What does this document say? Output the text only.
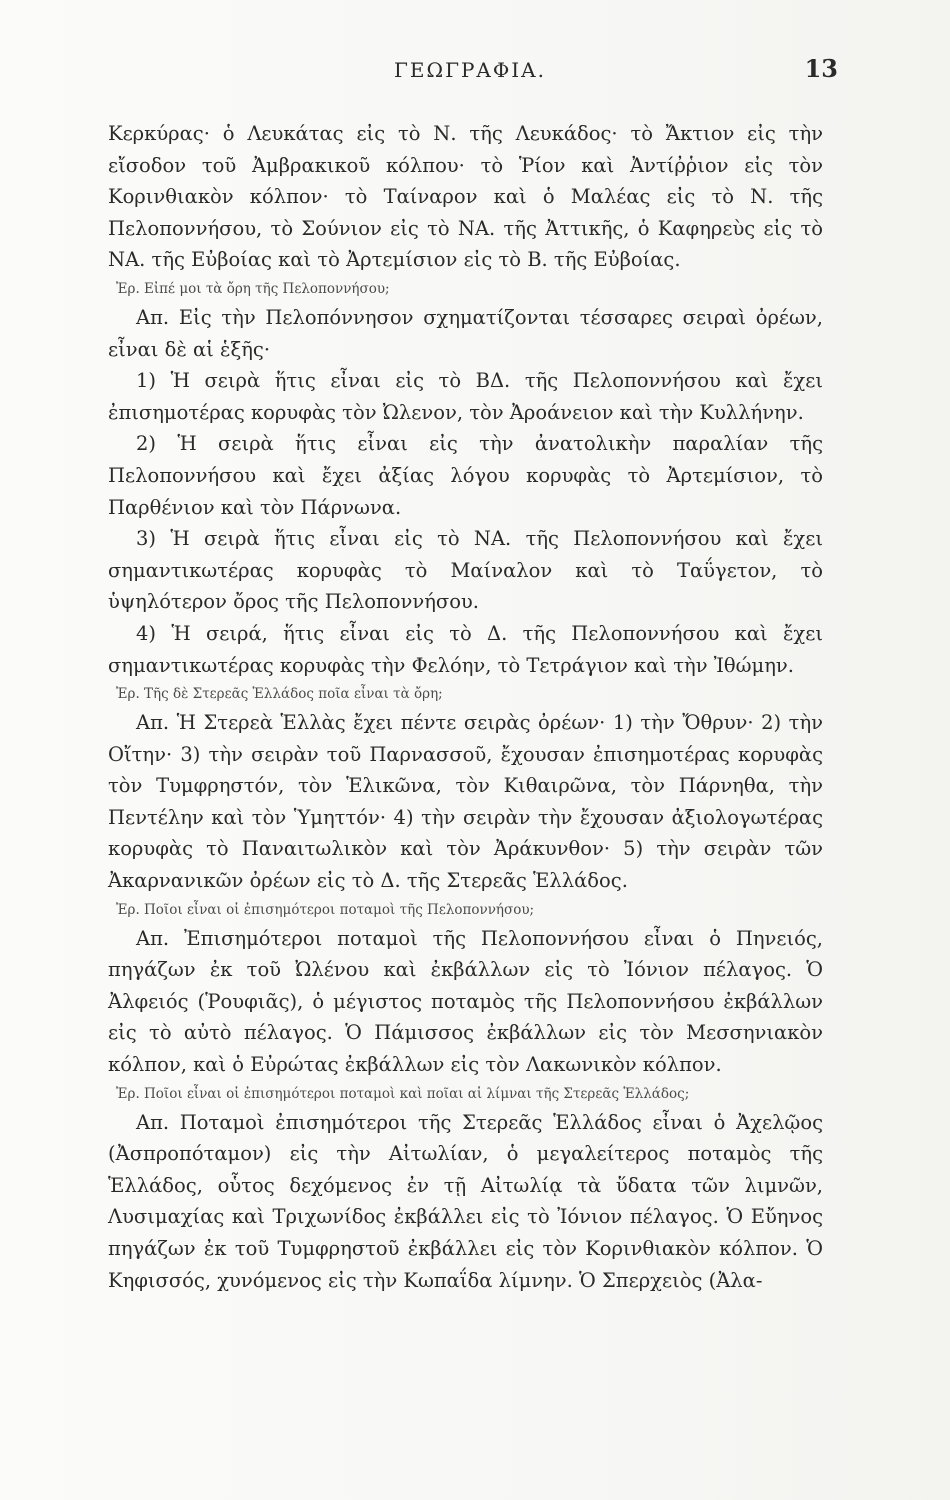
ΓΕΩΓΡΑΦΙΑ.	13

Κερκύρας· ὁ Λευκάτας εἰς τὸ Ν. τῆς Λευκάδος· τὸ Ἄκτιον εἰς τὴν εἴσοδον τοῦ Ἀμβρακικοῦ κόλπου· τὸ Ῥίον καὶ Ἀντίῤῥιον εἰς τὸν Κορινθιακὸν κόλπον· τὸ Ταίναρον καὶ ὁ Μαλέας εἰς τὸ Ν. τῆς Πελοποννήσου, τὸ Σούνιον εἰς τὸ ΝΑ. τῆς Ἀττικῆς, ὁ Καφηρεὺς εἰς τὸ ΝΑ. τῆς Εὐβοίας καὶ τὸ Ἀρτεμίσιον εἰς τὸ Β. τῆς Εὐβοίας.

Ἐρ. Εἰπέ μοι τὰ ὄρη τῆς Πελοποννήσου;

Απ. Εἰς τὴν Πελοπόννησον σχηματίζονται τέσσαρες σειραὶ ὀρέων, εἶναι δὲ αἱ ἑξῆς·

1) Ἡ σειρὰ ἥτις εἶναι εἰς τὸ ΒΔ. τῆς Πελοποννήσου καὶ ἔχει ἐπισημοτέρας κορυφὰς τὸν Ὠλενον, τὸν Ἀροάνειον καὶ τὴν Κυλλήνην.

2) Ἡ σειρὰ ἥτις εἶναι εἰς τὴν ἀνατολικὴν παραλίαν τῆς Πελοποννήσου καὶ ἔχει ἀξίας λόγου κορυφὰς τὸ Ἀρτεμίσιον, τὸ Παρθένιον καὶ τὸν Πάρνωνα.

3) Ἡ σειρὰ ἥτις εἶναι εἰς τὸ ΝΑ. τῆς Πελοποννήσου καὶ ἔχει σημαντικωτέρας κορυφὰς τὸ Μαίναλον καὶ τὸ Ταΰγετον, τὸ ὑψηλότερον ὄρος τῆς Πελοποννήσου.

4) Ἡ σειρά, ἥτις εἶναι εἰς τὸ Δ. τῆς Πελοποννήσου καὶ ἔχει σημαντικωτέρας κορυφὰς τὴν Φελόην, τὸ Τετράγιον καὶ τὴν Ἰθώμην.

Ἐρ. Τῆς δὲ Στερεᾶς Ἑλλάδος ποῖα εἶναι τὰ ὄρη;

Απ. Ἡ Στερεὰ Ἑλλὰς ἔχει πέντε σειρὰς ὀρέων· 1) τὴν Ὄθρυν· 2) τὴν Οἴτην· 3) τὴν σειρὰν τοῦ Παρνασσοῦ, ἔχουσαν ἐπισημοτέρας κορυφὰς τὸν Τυμφρηστόν, τὸν Ἑλικῶνα, τὸν Κιθαιρῶνα, τὸν Πάρνηθα, τὴν Πεντέλην καὶ τὸν Ὑμηττόν· 4) τὴν σειρὰν τὴν ἔχουσαν ἀξιολογωτέρας κορυφὰς τὸ Παναιτωλικὸν καὶ τὸν Ἀράκυνθον· 5) τὴν σειρὰν τῶν Ἀκαρνανικῶν ὀρέων εἰς τὸ Δ. τῆς Στερεᾶς Ἑλλάδος.

Ἐρ. Ποῖοι εἶναι οἱ ἐπισημότεροι ποταμοὶ τῆς Πελοποννήσου;

Απ. Ἐπισημότεροι ποταμοὶ τῆς Πελοποννήσου εἶναι ὁ Πηνειός, πηγάζων ἐκ τοῦ Ὠλένου καὶ ἐκβάλλων εἰς τὸ Ἰόνιον πέλαγος. Ὁ Ἀλφειός (Ῥουφιᾶς), ὁ μέγιστος ποταμὸς τῆς Πελοποννήσου ἐκβάλλων εἰς τὸ αὐτὸ πέλαγος. Ὁ Πάμισσος ἐκβάλλων εἰς τὸν Μεσσηνιακὸν κόλπον, καὶ ὁ Εὐρώτας ἐκβάλλων εἰς τὸν Λακωνικὸν κόλπον.

Ἐρ. Ποῖοι εἶναι οἱ ἐπισημότεροι ποταμοὶ καὶ ποῖαι αἱ λίμναι τῆς Στερεᾶς Ἑλλάδος;

Απ. Ποταμοὶ ἐπισημότεροι τῆς Στερεᾶς Ἑλλάδος εἶναι ὁ Ἀχελῷος (Ἀσπροπόταμον) εἰς τὴν Αἰτωλίαν, ὁ μεγαλείτερος ποταμὸς τῆς Ἑλλάδος, οὗτος δεχόμενος ἐν τῇ Αἰτωλίᾳ τὰ ὕδατα τῶν λιμνῶν, Λυσιμαχίας καὶ Τριχωνίδος ἐκβάλλει εἰς τὸ Ἰόνιον πέλαγος. Ὁ Εὔηνος πηγάζων ἐκ τοῦ Τυμφρηστοῦ ἐκβάλλει εἰς τὸν Κορινθιακὸν κόλπον. Ὁ Κηφισσός, χυνόμενος εἰς τὴν Κωπαΐδα λίμνην. Ὁ Σπερχειὸς (Ἀλα-
